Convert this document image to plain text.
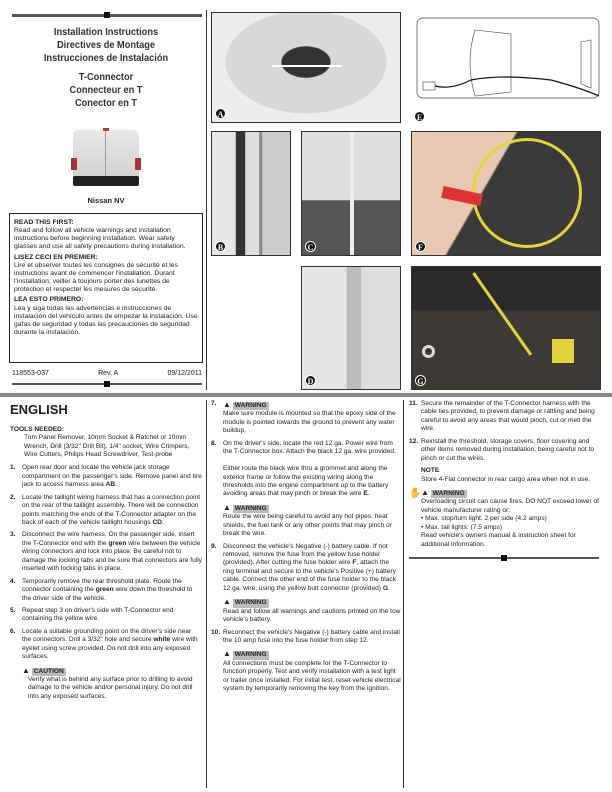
Installation Instructions
Directives de Montage
Instrucciones de Instalación
T-Connector
Connecteur en T
Conector en T
Nissan NV
READ THIS FIRST:

Read and follow all vehicle warnings and installation instructions before beginning installation. Wear safety glasses and use all safety precautions during installation.

LISEZ CECI EN PREMIER:

Lire et observer toutes les consignes de sécurité et les instructions avant de commencer l'installation. Durant l'installation, veiller à toujours porter des lunettes de protection et respecter les mesures de sécurité.

LEA ESTO PRIMERO:

Lea y siga todas las advertencias e instrucciones de instalación del vehículo antes de empezar la instalación. Use gafas de seguridad y todas las precauciones de seguridad durante la instalación.

118553-037	Rev. A	09/12/2011
A	E
B	C	F
D	G
ENGLISH
TOOLS NEEDED:
Trim Panel Remover, 10mm Socket & Ratchet or 10mm Wrench, Drill (3/32" Drill Bit), 1/4" socket, Wire Crimpers, Wire Cutters, Philips Head Screwdriver, Test-probe
1. Open rear door and locate the vehicle jack storage compartment on the passenger's side. Remove panel and tire jack to access harness area AB.
2. Locate the taillight wiring harness that has a connection point on the rear of the taillight assembly. There will be connection points matching the ends of the T-Connector adapter on the back of each of the vehicle taillight housings CD.
3. Disconnect the wire harness. On the passenger side, insert the T-Connector end with the green wire between the vehicle wiring connectors and lock into place. Be careful not to damage the locking tabs and be sure that connectors are fully inserted with locking tabs in place.
4. Temporarily remove the rear threshold plate. Route the connector containing the green wire down the threshold to the driver side of the vehicle.
5. Repeat step 3 on driver's side with T-Connector end containing the yellow wire.
6. Locate a suitable grounding point on the driver's side near the connectors. Drill a 3/32" hole and secure white wire with eyelet using screw provided. Do not drill into any exposed surfaces.
▲ CAUTION
Verify what is behind any surface prior to drilling to avoid damage to the vehicle and/or personal injury. Do not drill into any exposed surfaces.
7. ▲ WARNING
Make sure module is mounted so that the epoxy side of the module is pointed towards the ground to prevent any water buildup.
8. On the driver's side, locate the red 12 ga. Power wire from the T-Connector box. Attach the black 12 ga. wire provided.

Either route the black wire thru a grommet and along the exterior frame or follow the existing wiring along the thresholds into the engine compartment up to the battery avoiding areas that may pinch or break the wire E.
▲ WARNING
Route the wire being careful to avoid any hot pipes, heat shields, the fuel tank or any other points that may pinch or break the wire.
9. Disconnect the vehicle's Negative (-) battery cable. If not removed, remove the fuse from the yellow fuse holder (provided). After cutting the fuse holder wire F, attach the ring terminal and secure to the vehicle's Positive (+) battery cable. Connect the other end of the fuse holder to the black 12 ga. wire, using the yellow butt connector (provided) G.
▲ WARNING
Read and follow all warnings and cautions printed on the tow vehicle's battery.
10. Reconnect the vehicle's Negative (-) battery cable and install the 10 amp fuse into the fuse holder from step 12.
▲ WARNING
All connections must be complete for the T-Connector to function properly. Test and verify installation with a test light or trailer once installed. For initial test, reset vehicle electrical system by temporarily removing the key from the ignition.
11. Secure the remainder of the T-Connector harness with the cable ties provided, to prevent damage or rattling and being careful to avoid any areas that would pinch, cut or melt the wire.
12. Reinstall the threshold, storage covers, floor covering and other items removed during installation, being careful not to pinch or cut the wires.
NOTE
Store 4-Flat connector in rear cargo area when not in use.
✋ ▲ WARNING
Overloading circuit can cause fires. DO NOT exceed lower of vehicle manufacturer rating or:
• Max. stop/turn light: 2 per side (4.2 amps)
• Max. tail lights: (7.5 amps)
Read vehicle's owners manual & instruction sheet for additional information.
